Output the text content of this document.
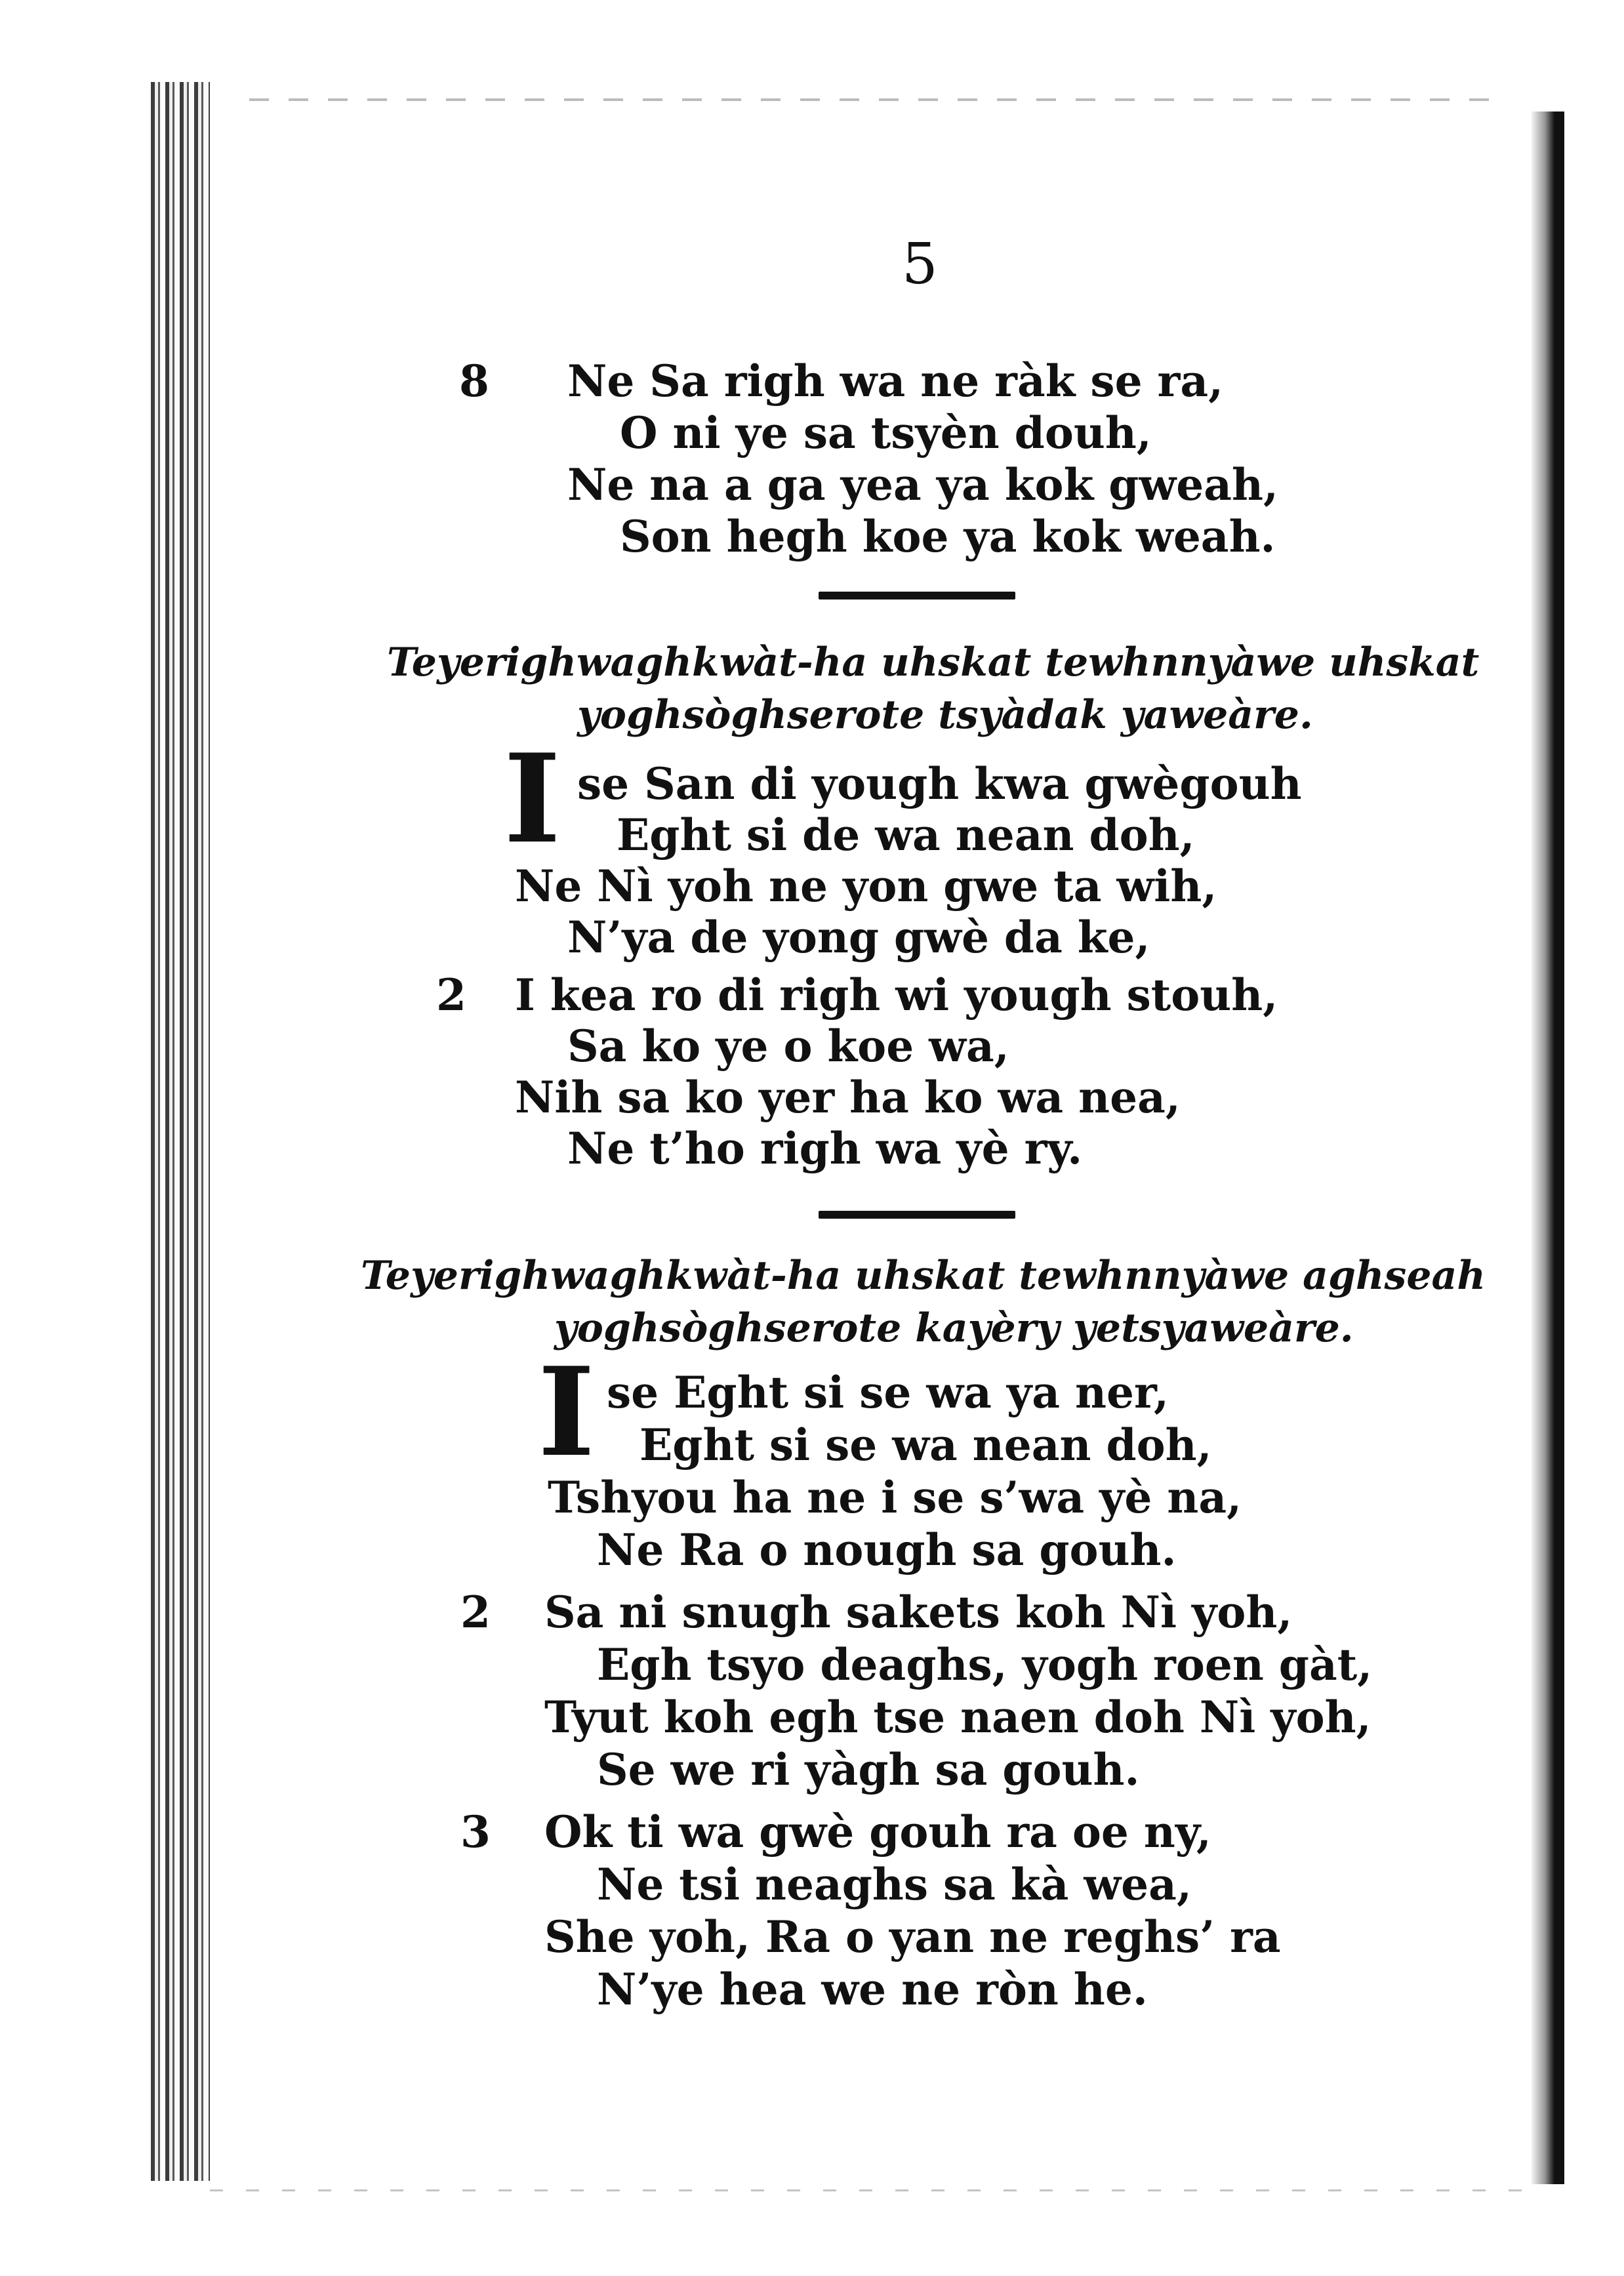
5
8 Ne Sa righ wa ne ràk se ra,
O ni ye sa tsyèn douh,
Ne na a ga yea ya kok gweah,
Son hegh koe ya kok weah.
Teyerighwaghkwàt-ha uhskat tewhnnyàwe uhskat
yoghsòghserote tsyàdak yaweàre.
I se San di yough kwa gwègouh
Eght si de wa nean doh,
Ne Nì yoh ne yon gwe ta wih,
N’ya de yong gwè da ke,
2 I kea ro di righ wi yough stouh,
Sa ko ye o koe wa,
Nih sa ko yer ha ko wa nea,
Ne t’ho righ wa yè ry.
Teyerighwaghkwàt-ha uhskat tewhnnyàwe aghseah
yoghsòghserote kayèry yetsyaweàre.
I se Eght si se wa ya ner,
Eght si se wa nean doh,
Tshyou ha ne i se s’wa yè na,
Ne Ra o nough sa gouh.
2 Sa ni snugh sakets koh Nì yoh,
Egh tsyo deaghs, yogh roen gàt,
Tyut koh egh tse naen doh Nì yoh,
Se we ri yàgh sa gouh.
3 Ok ti wa gwè gouh ra oe ny,
Ne tsi neaghs sa kà wea,
She yoh, Ra o yan ne reghs’ ra
N’ye hea we ne ròn he.
